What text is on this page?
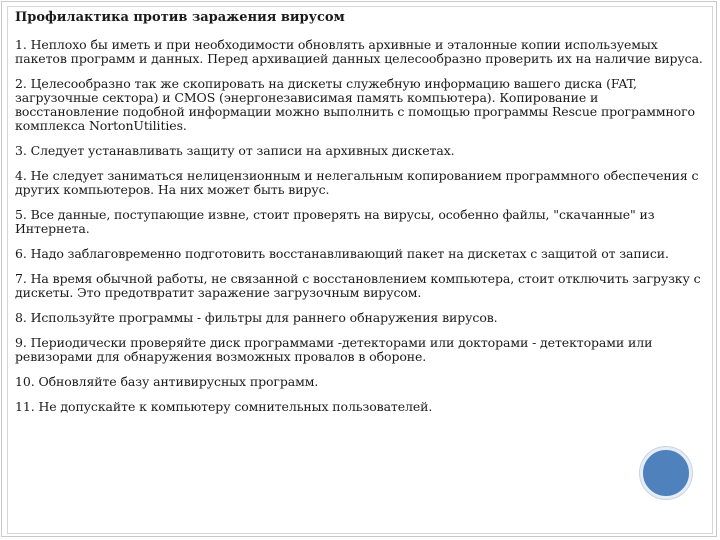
Профилактика против заражения вирусом
1. Неплохо бы иметь и при необходимости обновлять архивные и эталонные копии используемых пакетов программ и данных. Перед архивацией данных целесообразно проверить их на наличие вируса.
2. Целесообразно так же скопировать на дискеты служебную информацию вашего диска (FAT, загрузочные сектора) и CMOS (энергонезависимая память компьютера). Копирование и восстановление подобной информации можно выполнить с помощью программы Rescue программного комплекса NortonUtilities.
3. Следует устанавливать защиту от записи на архивных дискетах.
4. Не следует заниматься нелицензионным и нелегальным копированием программного обеспечения с других компьютеров. На них может быть вирус.
5. Все данные, поступающие извне, стоит проверять на вирусы, особенно файлы, "скачанные" из Интернета.
6. Надо заблаговременно подготовить восстанавливающий пакет на дискетах с защитой от записи.
7. На время обычной работы, не связанной с восстановлением компьютера, стоит отключить загрузку с дискеты. Это предотвратит заражение загрузочным вирусом.
8. Используйте программы - фильтры для раннего обнаружения вирусов.
9. Периодически проверяйте диск программами -детекторами или докторами - детекторами или ревизорами для обнаружения возможных провалов в обороне.
10. Обновляйте базу антивирусных программ.
11. Не допускайте к компьютеру сомнительных пользователей.
